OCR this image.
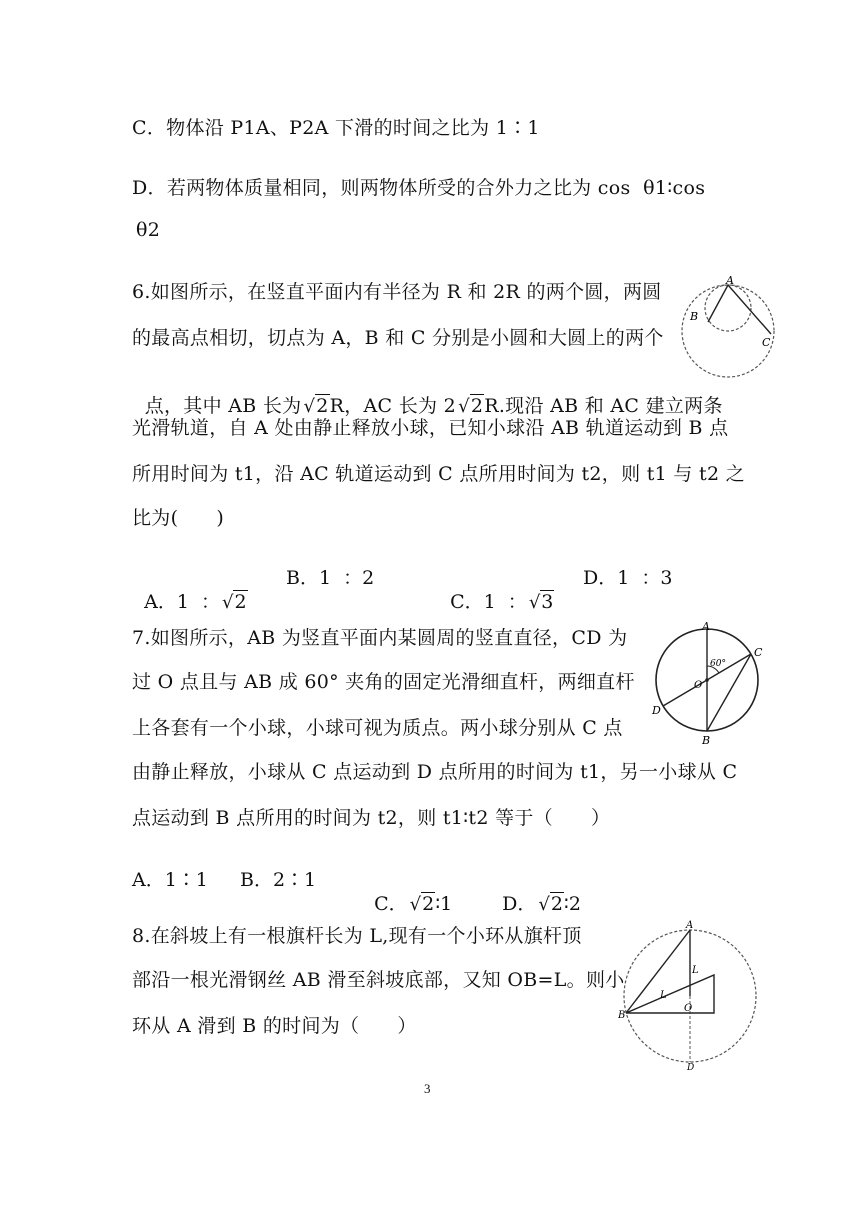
C．物体沿 P1A、P2A 下滑的时间之比为 1∶1
D．若两物体质量相同，则两物体所受的合外力之比为 cos  θ1∶cos
θ2
6.如图所示，在竖直平面内有半径为 R 和 2R 的两个圆，两圆
的最高点相切，切点为 A，B 和 C 分别是小圆和大圆上的两个

点，其中 AB 长为 √2R，AC 长为 2 √2R.现沿 AB 和 AC 建立两条

光滑轨道，自 A 处由静止释放小球，已知小球沿 AB 轨道运动到 B 点
所用时间为 t1，沿 AC 轨道运动到 C 点所用时间为 t2，则 t1 与 t2 之
比为(      )

A．1  ： √2

B．1  ：2

C．1  ： √3

D．1  ：3
A
B
C
7.如图所示，AB 为竖直平面内某圆周的竖直直径，CD 为
过 O 点且与 AB 成 60° 夹角的固定光滑细直杆，两细直杆
上各套有一个小球，小球可视为质点。两小球分别从 C 点
由静止释放，小球从 C 点运动到 D 点所用的时间为 t1，另一小球从 C
点运动到 B 点所用的时间为 t2，则 t1∶t2 等于（      ）
A．1∶1 B．2∶1

C． √2∶1	D． √2∶2

A
B
C
D
O
60°
8.在斜坡上有一根旗杆长为 L,现有一个小环从旗杆顶
部沿一根光滑钢丝 AB 滑至斜坡底部，又知 OB=L。则小
环从 A 滑到 B 的时间为（      ）
A
B
O
D
L
L
3
